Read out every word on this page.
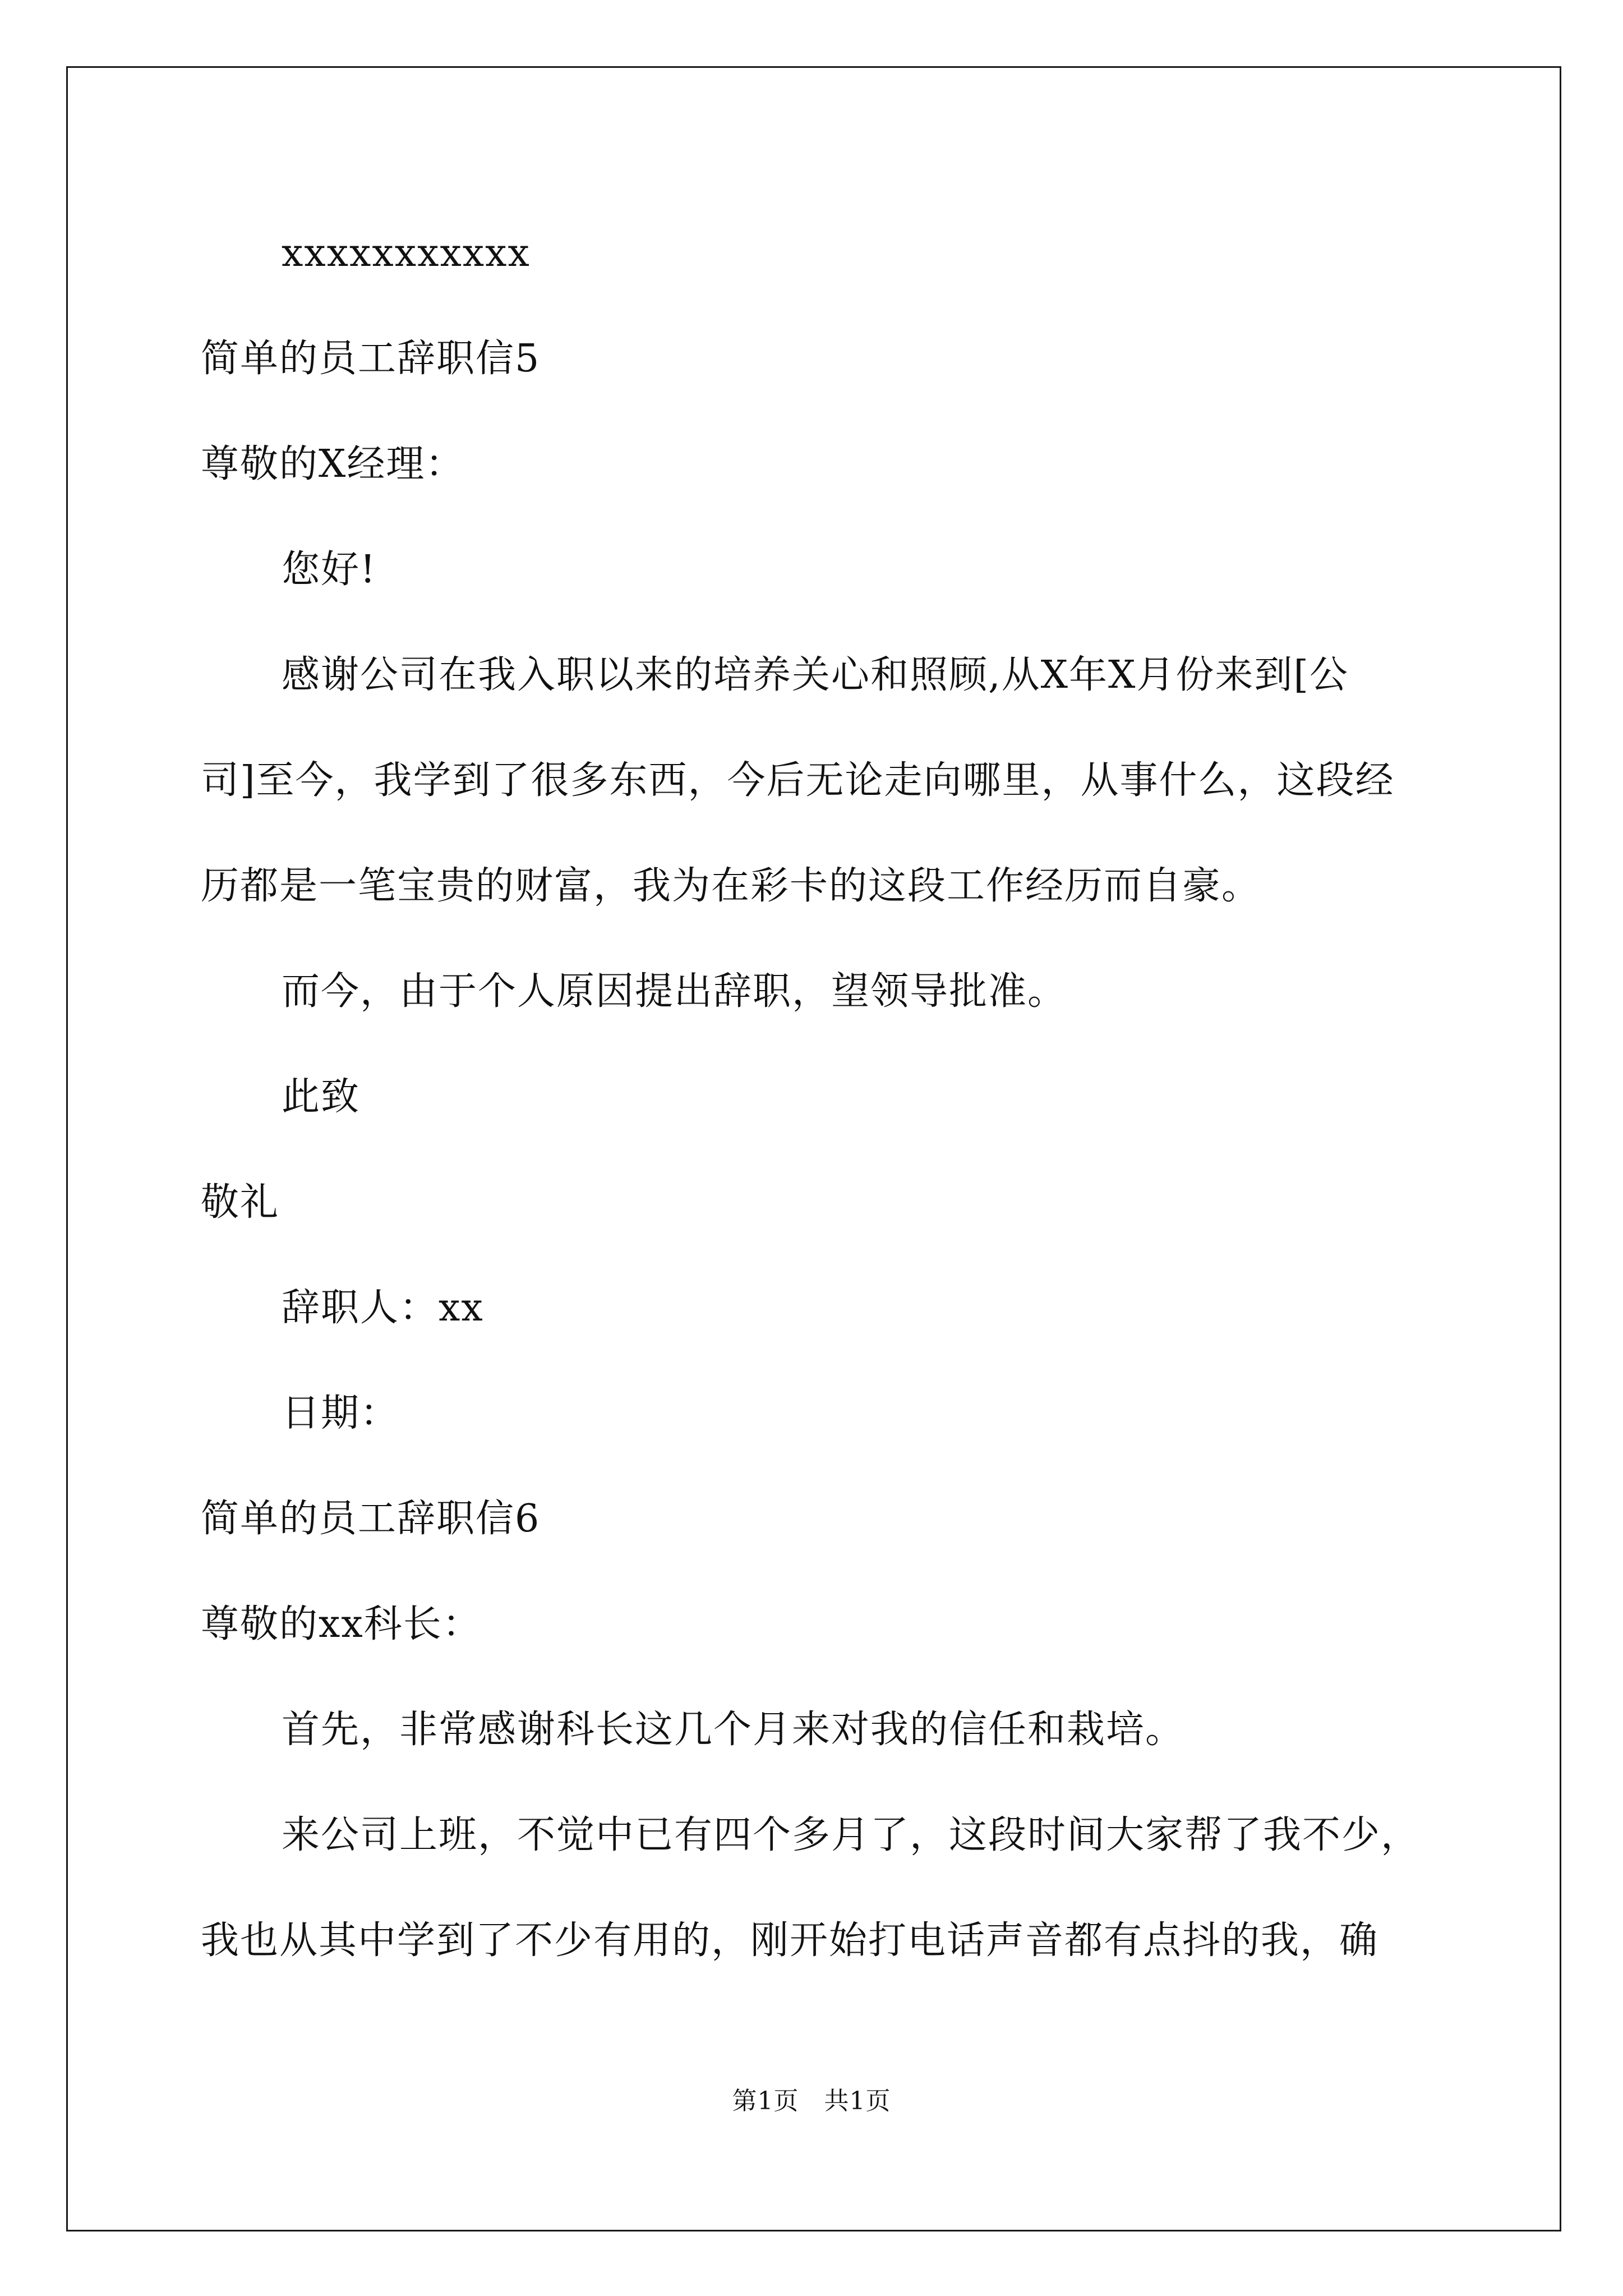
xxxxxxxxxxx
简单的员工辞职信5
尊敬的X经理：
您好!
感谢公司在我入职以来的培养关心和照顾,从X年X月份来到[公
司]至今，我学到了很多东西，今后无论走向哪里，从事什么，这段经
历都是一笔宝贵的财富，我为在彩卡的这段工作经历而自豪。
而今，由于个人原因提出辞职，望领导批准。
此致
敬礼
辞职人：xx
日期：
简单的员工辞职信6
尊敬的xx科长：
首先，非常感谢科长这几个月来对我的信任和栽培。
来公司上班，不觉中已有四个多月了，这段时间大家帮了我不少，
我也从其中学到了不少有用的，刚开始打电话声音都有点抖的我，确
第1页　共1页
